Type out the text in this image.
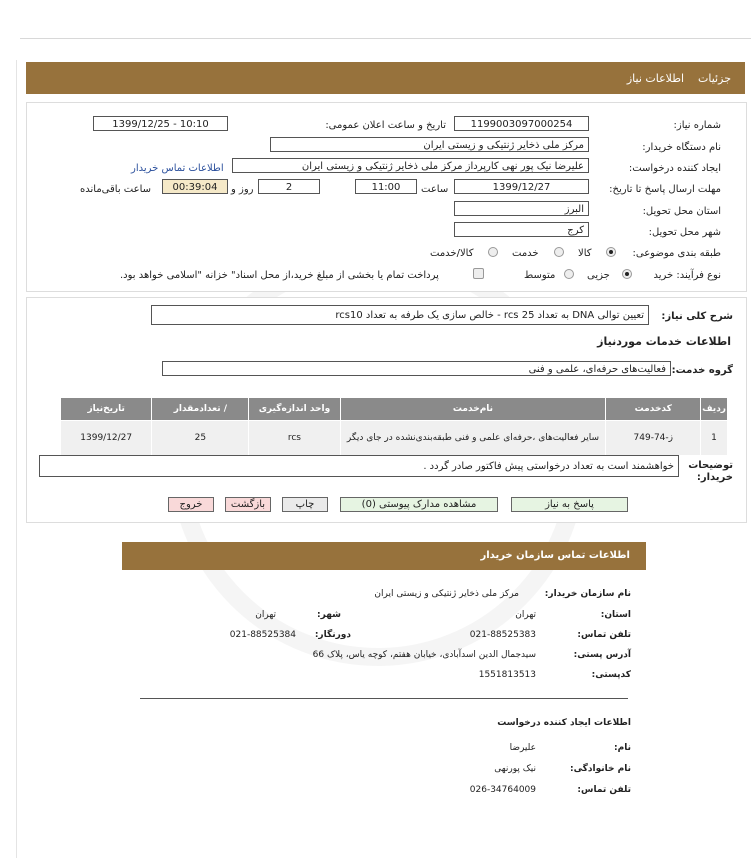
جزئیات
اطلاعات نیاز
شماره نیاز:
1199003097000254
تاریخ و ساعت اعلان عمومی:
1399/12/25 - 10:10
نام دستگاه خریدار:
مرکز ملی ذخایر ژنتیکی و زیستی ایران
ایجاد کننده درخواست:
علیرضا نیک پور نهی کارپرداز مرکز ملی ذخایر ژنتیکی و زیستی ایران
اطلاعات تماس خریدار
مهلت ارسال پاسخ تا تاریخ:
1399/12/27
ساعت
11:00
2
روز و
00:39:04
ساعت باقی‌مانده
استان محل تحویل:
البرز
شهر محل تحویل:
کرج
طبقه بندی موضوعی:
کالا
خدمت
کالا/خدمت
نوع فرآیند: خرید
جزیی
متوسط
پرداخت تمام یا بخشی از مبلغ خرید،از محل اسناد" خزانه "اسلامی خواهد بود.
شرح کلی نیاز:
تعیین توالی DNA به تعداد 25 rcs - خالص سازی یک طرفه به تعداد rcs10
اطلاعات خدمات موردنیاز
گروه خدمت:
فعالیت‌های حرفه‌ای، علمی و فنی
ردیف	کدخدمت	نام‌خدمت	واحد اندازه‌گیری	/ تعدادمقدار	تاریخ‌نیاز
1	ز-74-749	سایر فعالیت‌های ،حرفه‌ای علمی و فنی طبقه‌بندی‌نشده در جای دیگر	rcs	25	1399/12/27
توضیحات خریدار:
خواهشمند است به تعداد درخواستی پیش فاکتور صادر گردد .
پاسخ به نیاز
مشاهده مدارک پیوستی (0)
چاپ
بازگشت
خروج
اطلاعات تماس سازمان خریدار
نام سازمان خریدار:
مرکز ملی ذخایر ژنتیکی و زیستی ایران
استان:
تهران
شهر:
تهران
تلفن تماس:
021-88525383
دورنگار:
021-88525384
آدرس پستی:
سیدجمال الدین اسدآبادی، خیابان هفتم، کوچه یاس، پلاک 66
کدپستی:
1551813513
اطلاعات ایجاد کننده درخواست
نام:
علیرضا
نام خانوادگی:
نیک پورنهی
تلفن تماس:
026-34764009
